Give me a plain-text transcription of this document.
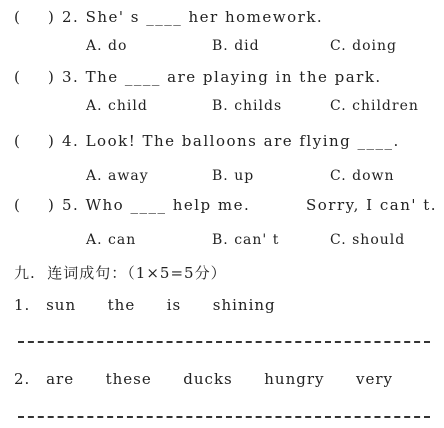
( ) 2. She' s ____ her homework.
A. do	B. did	C. doing
( ) 3. The ____ are playing in the park.
A. child	B. childs	C. children
( ) 4. Look! The balloons are flying ____.
A. away	B. up	C. down
( ) 5. Who ____ help me.	Sorry, I can' t.
A. can	B. can' t	C. should
九.  连词成句：（1×5=5分）
1. sun  the  is  shining
2. are  these  ducks  hungry  very
